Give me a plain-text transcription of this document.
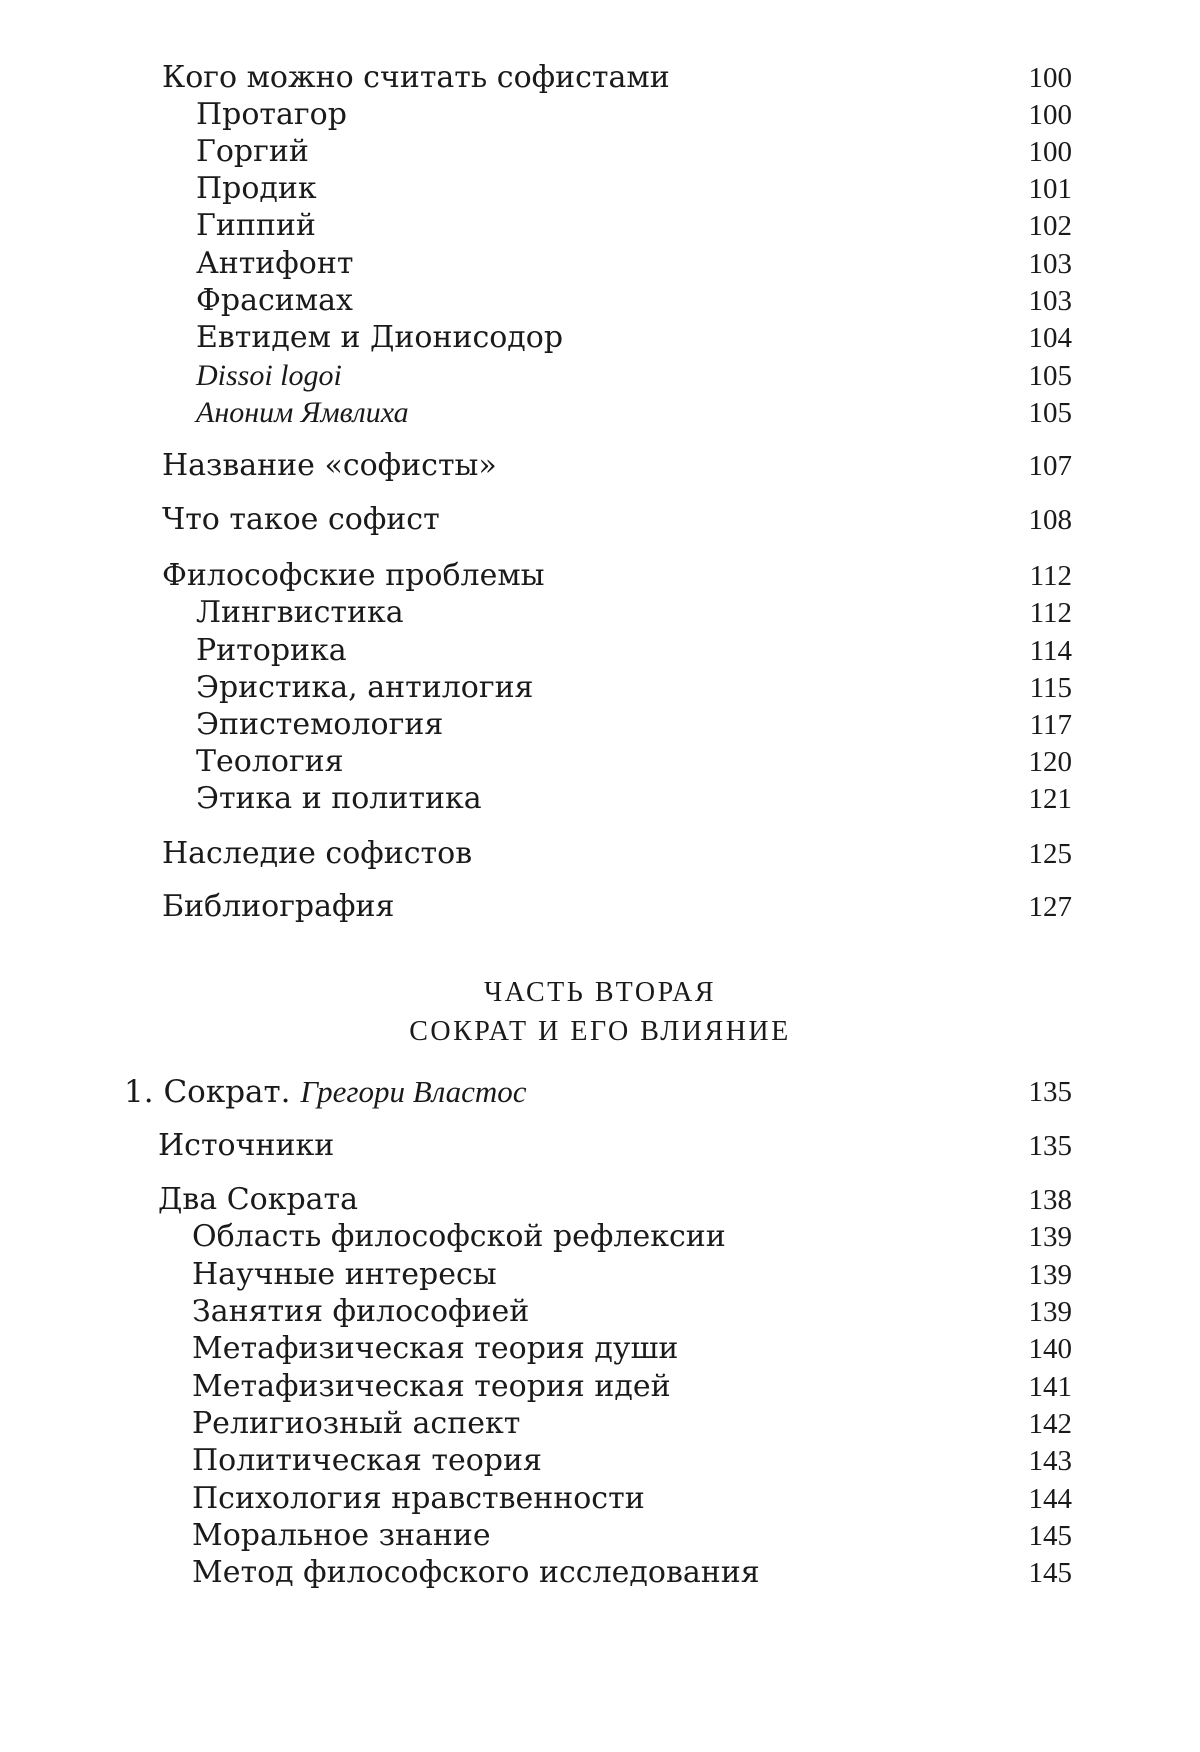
Кого можно считать софистами	100
Протагор	100
Горгий	100
Продик	101
Гиппий	102
Антифонт	103
Фрасимах	103
Евтидем и Дионисодор	104
Dissoi logoi	105
Аноним Ямвлиха	105
Название «софисты»	107
Что такое софист	108
Философские проблемы	112
Лингвистика	112
Риторика	114
Эристика, антилогия	115
Эпистемология	117
Теология	120
Этика и политика	121
Наследие софистов	125
Библиография	127
ЧАСТЬ ВТОРАЯ
СОКРАТ И ЕГО ВЛИЯНИЕ
1. Сократ. Грегори Властос	135
Источники	135
Два Сократа	138
Область философской рефлексии	139
Научные интересы	139
Занятия философией	139
Метафизическая теория души	140
Метафизическая теория идей	141
Религиозный аспект	142
Политическая теория	143
Психология нравственности	144
Моральное знание	145
Метод философского исследования	145
